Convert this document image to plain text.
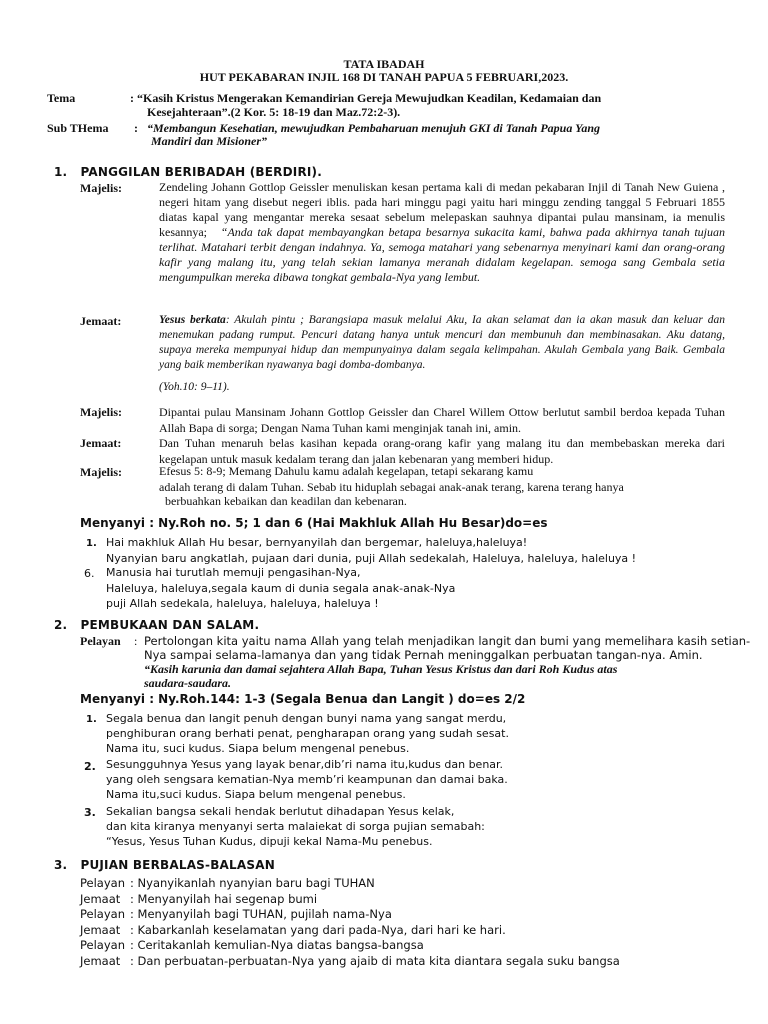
TATA IBADAH
HUT PEKABARAN INJIL 168 DI TANAH PAPUA 5 FEBRUARI,2023.
Tema	: “Kasih Kristus Mengerakan Kemandirian Gereja Mewujudkan Keadilan, Kedamaian dan
Kesejahteraan”.(2 Kor. 5: 18-19 dan Maz.72:2-3).
Sub THema : “Membangun Kesehatian, mewujudkan Pembaharuan menujuh GKI di Tanah Papua Yang
Mandiri dan Misioner”
1. PANGGILAN BERIBADAH (BERDIRI).
Majelis:	Zendeling Johann Gottlop Geissler menuliskan kesan pertama kali di medan pekabaran Injil di Tanah New Guiena , negeri hitam yang disebut negeri iblis. pada hari minggu pagi yaitu hari minggu zending tanggal 5 Februari 1855 diatas kapal yang mengantar mereka sesaat sebelum melepaskan sauhnya dipantai pulau mansinam, ia menulis kesannya; “Anda tak dapat membayangkan betapa besarnya sukacita kami, bahwa pada akhirnya tanah tujuan terlihat. Matahari terbit dengan indahnya. Ya, semoga matahari yang sebenarnya menyinari kami dan orang-orang kafir yang malang itu, yang telah sekian lamanya meranah didalam kegelapan. semoga sang Gembala setia mengumpulkan mereka dibawa tongkat gembala-Nya yang lembut.
Jemaat:	Yesus berkata: Akulah pintu ; Barangsiapa masuk melalui Aku, Ia akan selamat dan ia akan masuk dan keluar dan menemukan padang rumput. Pencuri datang hanya untuk mencuri dan membunuh dan membinasakan. Aku datang, supaya mereka mempunyai hidup dan mempunyainya dalam segala kelimpahan. Akulah Gembala yang Baik. Gembala yang baik memberikan nyawanya bagi domba-dombanya.
(Yoh.10: 9–11).
Majelis:	Dipantai pulau Mansinam Johann Gottlop Geissler dan Charel Willem Ottow berlutut sambil berdoa kepada Tuhan Allah Bapa di sorga; Dengan Nama Tuhan kami menginjak tanah ini, amin.
Jemaat:	Dan Tuhan menaruh belas kasihan kepada orang-orang kafir yang malang itu dan membebaskan mereka dari kegelapan untuk masuk kedalam terang dan jalan kebenaran yang memberi hidup.
Majelis:	Efesus 5: 8-9; Memang Dahulu kamu adalah kegelapan, tetapi sekarang kamu
adalah terang di dalam Tuhan. Sebab itu hiduplah sebagai anak-anak terang, karena terang hanya
berbuahkan kebaikan dan keadilan dan kebenaran.
Menyanyi : Ny.Roh no. 5; 1 dan 6 (Hai Makhluk Allah Hu Besar)do=es
1. Hai makhluk Allah Hu besar, bernyanyilah dan bergemar, haleluya,haleluya!
Nyanyian baru angkatlah, pujaan dari dunia, puji Allah sedekalah, Haleluya, haleluya, haleluya !
6. Manusia hai turutlah memuji pengasihan-Nya,
Haleluya, haleluya,segala kaum di dunia segala anak-anak-Nya
puji Allah sedekala, haleluya, haleluya, haleluya !
2. PEMBUKAAN DAN SALAM.
Pelayan : Pertolongan kita yaitu nama Allah yang telah menjadikan langit dan bumi yang memelihara kasih setian-
Nya sampai selama-lamanya dan yang tidak Pernah meninggalkan perbuatan tangan-nya. Amin.
“Kasih karunia dan damai sejahtera Allah Bapa, Tuhan Yesus Kristus dan dari Roh Kudus atas
saudara-saudara.
Menyanyi : Ny.Roh.144: 1-3 (Segala Benua dan Langit ) do=es 2/2
1. Segala benua dan langit penuh dengan bunyi nama yang sangat merdu,
penghiburan orang berhati penat, pengharapan orang yang sudah sesat.
Nama itu, suci kudus. Siapa belum mengenal penebus.
2. Sesungguhnya Yesus yang layak benar,dib’ri nama itu,kudus dan benar.
yang oleh sengsara kematian-Nya memb’ri keampunan dan damai baka.
Nama itu,suci kudus. Siapa belum mengenal penebus.
3. Sekalian bangsa sekali hendak berlutut dihadapan Yesus kelak,
dan kita kiranya menyanyi serta malaiekat di sorga pujian semabah:
“Yesus, Yesus Tuhan Kudus, dipuji kekal Nama-Mu penebus.
3. PUJIAN BERBALAS-BALASAN
Pelayan : Nyanyikanlah nyanyian baru bagi TUHAN
Jemaat : Menyanyilah hai segenap bumi
Pelayan : Menyanyilah bagi TUHAN, pujilah nama-Nya
Jemaat : Kabarkanlah keselamatan yang dari pada-Nya, dari hari ke hari.
Pelayan : Ceritakanlah kemulian-Nya diatas bangsa-bangsa
Jemaat : Dan perbuatan-perbuatan-Nya yang ajaib di mata kita diantara segala suku bangsa
